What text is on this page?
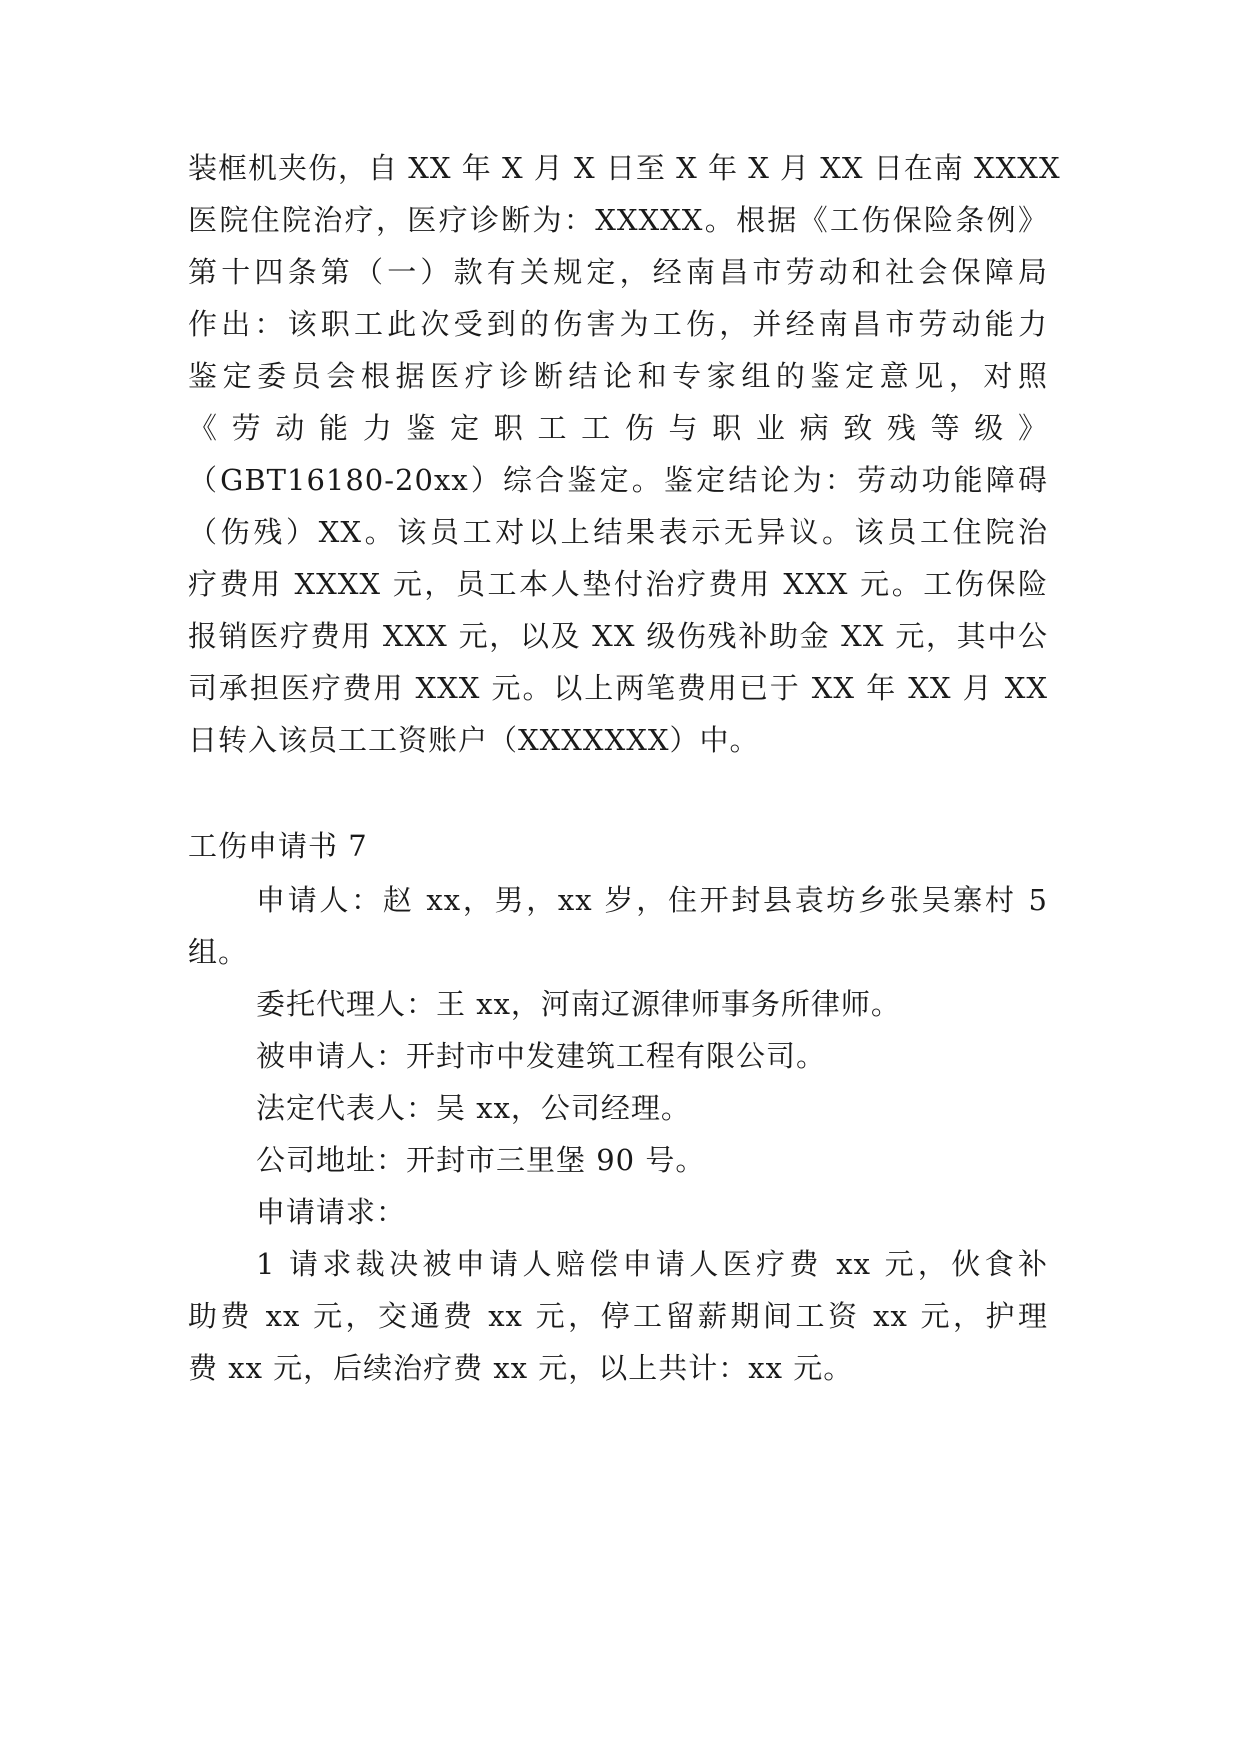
装框机夹伤，自 XX 年 X 月 X 日至 X 年 X 月 XX 日在南 XXXX
医院住院治疗，医疗诊断为：XXXXX。根据《工伤保险条例》
第十四条第（一）款有关规定，经南昌市劳动和社会保障局
作出：该职工此次受到的伤害为工伤，并经南昌市劳动能力
鉴定委员会根据医疗诊断结论和专家组的鉴定意见，对照
《劳动能力鉴定职工工伤与职业病致残等级》
（GBT16180-20xx）综合鉴定。鉴定结论为：劳动功能障碍
（伤残）XX。该员工对以上结果表示无异议。该员工住院治
疗费用 XXXX 元，员工本人垫付治疗费用 XXX 元。工伤保险
报销医疗费用 XXX 元，以及 XX 级伤残补助金 XX 元，其中公
司承担医疗费用 XXX 元。以上两笔费用已于 XX 年 XX 月 XX
日转入该员工工资账户（XXXXXXX）中。
工伤申请书 7
申请人：赵 xx，男，xx 岁，住开封县袁坊乡张吴寨村 5
组。
委托代理人：王 xx，河南辽源律师事务所律师。
被申请人：开封市中发建筑工程有限公司。
法定代表人：吴 xx，公司经理。
公司地址：开封市三里堡 90 号。
申请请求：
1 请求裁决被申请人赔偿申请人医疗费 xx 元，伙食补
助费 xx 元，交通费 xx 元，停工留薪期间工资 xx 元，护理
费 xx 元，后续治疗费 xx 元，以上共计：xx 元。
